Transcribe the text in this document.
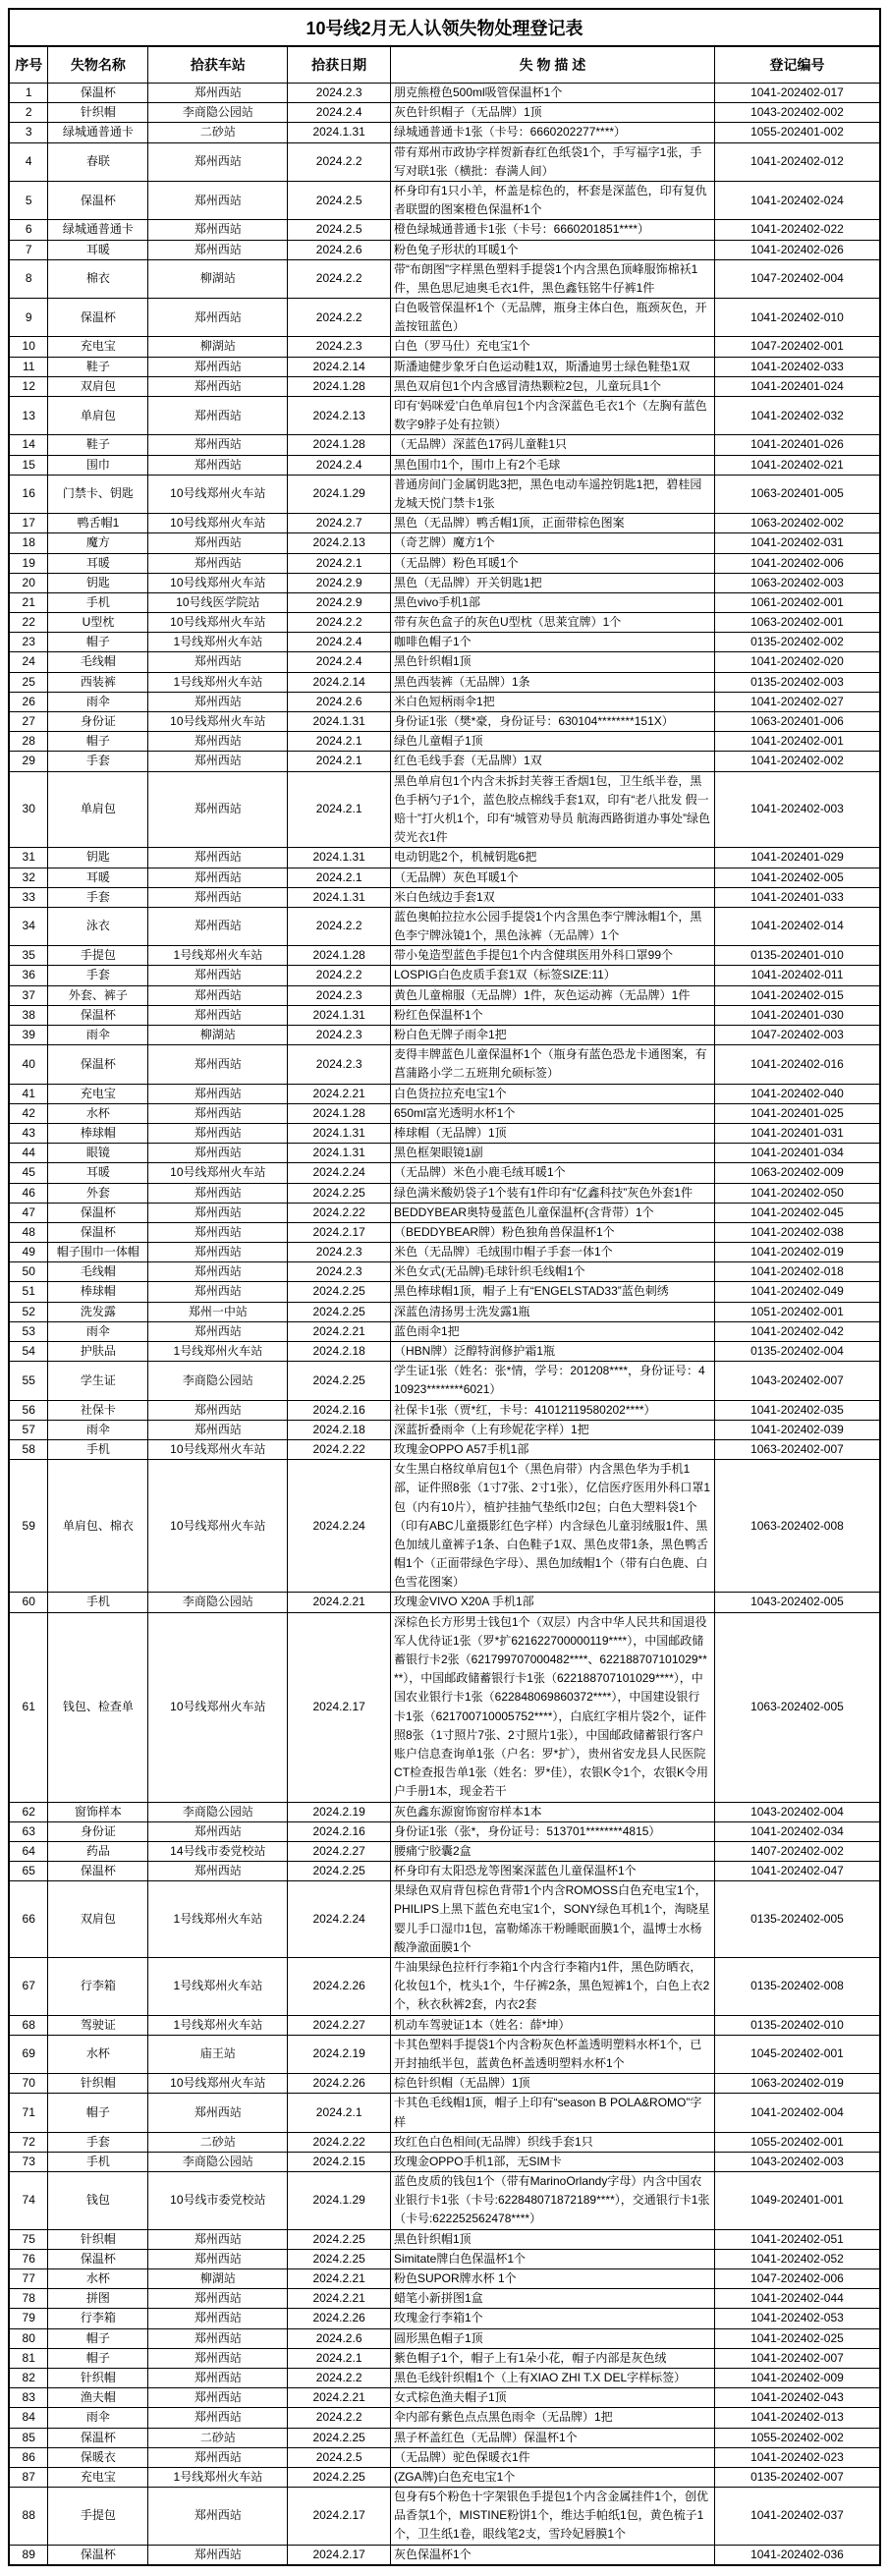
10号线2月无人认领失物处理登记表					
序号	失物名称	拾获车站	拾获日期	失 物 描 述	登记编号
1	保温杯	郑州西站	2024.2.3	朋克熊橙色500ml吸管保温杯1个	1041-202402-017
2	针织帽	李商隐公园站	2024.2.4	灰色针织帽子（无品牌）1顶	1043-202402-002
3	绿城通普通卡	二砂站	2024.1.31	绿城通普通卡1张（卡号：6660202277****）	1055-202401-002
4	春联	郑州西站	2024.2.2	带有郑州市政协字样贺新春红色纸袋1个，手写福字1张，手写对联1张（横批：春满人间）	1041-202402-012
5	保温杯	郑州西站	2024.2.5	杯身印有1只小羊，杯盖是棕色的，杯套是深蓝色，印有复仇者联盟的图案橙色保温杯1个	1041-202402-024
6	绿城通普通卡	郑州西站	2024.2.5	橙色绿城通普通卡1张（卡号：6660201851****）	1041-202402-022
7	耳暖	郑州西站	2024.2.6	粉色兔子形状的耳暖1个	1041-202402-026
8	棉衣	柳湖站	2024.2.2	带“布朗图”字样黑色塑料手提袋1个内含黑色顶峰服饰棉袄1件，黑色思尼迪奥毛衣1件，黑色鑫钰铭牛仔裤1件	1047-202402-004
9	保温杯	郑州西站	2024.2.2	白色吸管保温杯1个（无品牌，瓶身主体白色，瓶颈灰色，开盖按钮蓝色）	1041-202402-010
10	充电宝	柳湖站	2024.2.3	白色（罗马仕）充电宝1个	1047-202402-001
11	鞋子	郑州西站	2024.2.14	斯潘迪健步象牙白色运动鞋1双，斯潘迪男士绿色鞋垫1双	1041-202402-033
12	双肩包	郑州西站	2024.1.28	黑色双肩包1个内含感冒清热颗粒2包，儿童玩具1个	1041-202401-024
13	单肩包	郑州西站	2024.2.13	印有‘妈咪爱’白色单肩包1个内含深蓝色毛衣1个（左胸有蓝色数字9脖子处有拉锁）	1041-202402-032
14	鞋子	郑州西站	2024.1.28	（无品牌）深蓝色17码儿童鞋1只	1041-202401-026
15	围巾	郑州西站	2024.2.4	黑色围巾1个，围巾上有2个毛球	1041-202402-021
16	门禁卡、钥匙	10号线郑州火车站	2024.1.29	普通房间门金属钥匙3把，黑色电动车遥控钥匙1把，碧桂园龙城天悦门禁卡1张	1063-202401-005
17	鸭舌帽1	10号线郑州火车站	2024.2.7	黑色（无品牌）鸭舌帽1顶，正面带棕色图案	1063-202402-002
18	魔方	郑州西站	2024.2.13	（奇艺牌）魔方1个	1041-202402-031
19	耳暖	郑州西站	2024.2.1	（无品牌）粉色耳暖1个	1041-202402-006
20	钥匙	10号线郑州火车站	2024.2.9	黑色（无品牌）开关钥匙1把	1063-202402-003
21	手机	10号线医学院站	2024.2.9	黑色vivo手机1部	1061-202402-001
22	U型枕	10号线郑州火车站	2024.2.2	带有灰色盒子的灰色U型枕（思莱宜牌）1个	1063-202402-001
23	帽子	1号线郑州火车站	2024.2.4	咖啡色帽子1个	0135-202402-002
24	毛线帽	郑州西站	2024.2.4	黑色针织帽1顶	1041-202402-020
25	西装裤	1号线郑州火车站	2024.2.14	黑色西装裤（无品牌）1条	0135-202402-003
26	雨伞	郑州西站	2024.2.6	米白色短柄雨伞1把	1041-202402-027
27	身份证	10号线郑州火车站	2024.1.31	身份证1张（樊*豪，身份证号：630104********151X）	1063-202401-006
28	帽子	郑州西站	2024.2.1	绿色儿童帽子1顶	1041-202402-001
29	手套	郑州西站	2024.2.1	红色毛线手套（无品牌）1双	1041-202402-002
30	单肩包	郑州西站	2024.2.1	黑色单肩包1个内含未拆封芙蓉王香烟1包，卫生纸半卷，黑色手柄勺子1个，蓝色胶点棉线手套1双，印有“老八批发 假一赔十”打火机1个，印有“城管劝导员 航海西路街道办事处”绿色荧光衣1件	1041-202402-003
31	钥匙	郑州西站	2024.1.31	电动钥匙2个，机械钥匙6把	1041-202401-029
32	耳暖	郑州西站	2024.2.1	（无品牌）灰色耳暖1个	1041-202402-005
33	手套	郑州西站	2024.1.31	米白色绒边手套1双	1041-202401-033
34	泳衣	郑州西站	2024.2.2	蓝色奥帕拉拉水公园手提袋1个内含黑色李宁牌泳帽1个，黑色李宁牌泳镜1个，黑色泳裤（无品牌）1个	1041-202402-014
35	手提包	1号线郑州火车站	2024.1.28	带小兔造型蓝色手提包1个内含健琪医用外科口罩99个	0135-202401-010
36	手套	郑州西站	2024.2.2	LOSPIG白色皮质手套1双（标签SIZE:11）	1041-202402-011
37	外套、裤子	郑州西站	2024.2.3	黄色儿童棉服（无品牌）1件，灰色运动裤（无品牌）1件	1041-202402-015
38	保温杯	郑州西站	2024.1.31	粉红色保温杯1个	1041-202401-030
39	雨伞	柳湖站	2024.2.3	粉白色无牌子雨伞1把	1047-202402-003
40	保温杯	郑州西站	2024.2.3	麦得丰牌蓝色儿童保温杯1个（瓶身有蓝色恐龙卡通图案，有菖蒲路小学二五班荆允硕标签）	1041-202402-016
41	充电宝	郑州西站	2024.2.21	白色货拉拉充电宝1个	1041-202402-040
42	水杯	郑州西站	2024.1.28	650ml富光透明水杯1个	1041-202401-025
43	棒球帽	郑州西站	2024.1.31	棒球帽（无品牌）1顶	1041-202401-031
44	眼镜	郑州西站	2024.1.31	黑色框架眼镜1副	1041-202401-034
45	耳暖	10号线郑州火车站	2024.2.24	（无品牌）米色小鹿毛绒耳暖1个	1063-202402-009
46	外套	郑州西站	2024.2.25	绿色满米酸奶袋子1个装有1件印有“亿鑫科技”灰色外套1件	1041-202402-050
47	保温杯	郑州西站	2024.2.22	BEDDYBEAR奥特曼蓝色儿童保温杯(含背带）1个	1041-202402-045
48	保温杯	郑州西站	2024.2.17	（BEDDYBEAR牌）粉色独角兽保温杯1个	1041-202402-038
49	帽子围巾一体帽	郑州西站	2024.2.3	米色（无品牌）毛绒围巾帽子手套一体1个	1041-202402-019
50	毛线帽	郑州西站	2024.2.3	米色女式(无品牌)毛球针织毛线帽1个	1041-202402-018
51	棒球帽	郑州西站	2024.2.25	黑色棒球帽1顶，帽子上有“ENGELSTAD33”蓝色刺绣	1041-202402-049
52	洗发露	郑州一中站	2024.2.25	深蓝色清扬男士洗发露1瓶	1051-202402-001
53	雨伞	郑州西站	2024.2.21	蓝色雨伞1把	1041-202402-042
54	护肤品	1号线郑州火车站	2024.2.18	（HBN牌）泛醇特润修护霜1瓶	0135-202402-004
55	学生证	李商隐公园站	2024.2.25	学生证1张（姓名：张*情，学号：201208****，身份证号：410923********6021）	1043-202402-007
56	社保卡	郑州西站	2024.2.16	社保卡1张（贾*红，卡号：41012119580202****）	1041-202402-035
57	雨伞	郑州西站	2024.2.18	深蓝折叠雨伞（上有珍妮花字样）1把	1041-202402-039
58	手机	10号线郑州火车站	2024.2.22	玫瑰金OPPO A57手机1部	1063-202402-007
59	单肩包、棉衣	10号线郑州火车站	2024.2.24	女生黑白格纹单肩包1个（黑色肩带）内含黑色华为手机1部，证件照8张（1寸7张、2寸1张），亿信医疗医用外科口罩1包（内有10片），植护挂抽气垫纸巾2包；白色大塑料袋1个（印有ABC儿童摄影红色字样）内含绿色儿童羽绒服1件、黑色加绒儿童裤子1条、白色鞋子1双、黑色皮带1条，黑色鸭舌帽1个（正面带绿色字母）、黑色加绒帽1个（带有白色鹿、白色雪花图案）	1063-202402-008
60	手机	李商隐公园站	2024.2.21	玫瑰金VIVO X20A 手机1部	1043-202402-005
61	钱包、检查单	10号线郑州火车站	2024.2.17	深棕色长方形男士钱包1个（双层）内含中华人民共和国退役军人优待证1张（罗*扩621622700000119****），中国邮政储蓄银行卡2张（621799707000482****、622188707101029****），中国邮政储蓄银行卡1张（622188707101029****），中国农业银行卡1张（622848069860372****），中国建设银行卡1张（621700710005752****），白底红字相片袋2个，证件照8张（1寸照片7张、2寸照片1张），中国邮政储蓄银行客户账户信息查询单1张（户名：罗*扩），贵州省安龙县人民医院CT检查报告单1张（姓名：罗*佳），农银K令1个，农银K令用户手册1本，现金若干	1063-202402-005
62	窗饰样本	李商隐公园站	2024.2.19	灰色鑫东源窗饰窗帘样本1本	1043-202402-004
63	身份证	郑州西站	2024.2.16	身份证1张（张*，身份证号：513701********4815）	1041-202402-034
64	药品	14号线市委党校站	2024.2.27	腰痛宁胶囊2盒	1407-202402-002
65	保温杯	郑州西站	2024.2.25	杯身印有太阳恐龙等图案深蓝色儿童保温杯1个	1041-202402-047
66	双肩包	1号线郑州火车站	2024.2.24	果绿色双肩背包棕色背带1个内含ROMOSS白色充电宝1个，PHILIPS上黑下蓝色充电宝1个，SONY绿色耳机1个，淘晓星婴儿手口湿巾1包，富勒烯冻干粉睡眠面膜1个，温博士水杨酸净澈面膜1个	0135-202402-005
67	行李箱	1号线郑州火车站	2024.2.26	牛油果绿色拉杆行李箱1个内含行李箱内1件，黑色防晒衣，化妆包1个，枕头1个，牛仔裤2条，黑色短裤1个，白色上衣2个，秋衣秋裤2套，内衣2套	0135-202402-008
68	驾驶证	1号线郑州火车站	2024.2.27	机动车驾驶证1本（姓名：薛*坤）	0135-202402-010
69	水杯	庙王站	2024.2.19	卡其色塑料手提袋1个内含粉灰色杯盖透明塑料水杯1个，已开封抽纸半包，蓝黄色杯盖透明塑料水杯1个	1045-202402-001
70	针织帽	10号线郑州火车站	2024.2.26	棕色针织帽（无品牌）1顶	1063-202402-019
71	帽子	郑州西站	2024.2.1	卡其色毛线帽1顶，帽子上印有“season B POLA&ROMO”字样	1041-202402-004
72	手套	二砂站	2024.2.22	玫红色白色相间(无品牌）织线手套1只	1055-202402-001
73	手机	李商隐公园站	2024.2.15	玫瑰金OPPO手机1部，无SIM卡	1043-202402-003
74	钱包	10号线市委党校站	2024.1.29	蓝色皮质的钱包1个（带有MarinoOrlandy字母）内含中国农业银行卡1张（卡号:622848071872189****），交通银行卡1张（卡号:622252562478****）	1049-202401-001
75	针织帽	郑州西站	2024.2.25	黑色针织帽1顶	1041-202402-051
76	保温杯	郑州西站	2024.2.25	Simitate牌白色保温杯1个	1041-202402-052
77	水杯	柳湖站	2024.2.21	粉色SUPOR牌水杯 1个	1047-202402-006
78	拼图	郑州西站	2024.2.21	蜡笔小新拼图1盒	1041-202402-044
79	行李箱	郑州西站	2024.2.26	玫瑰金行李箱1个	1041-202402-053
80	帽子	郑州西站	2024.2.6	圆形黑色帽子1顶	1041-202402-025
81	帽子	郑州西站	2024.2.1	紫色帽子1个，帽子上有1朵小花，帽子内部是灰色绒	1041-202402-007
82	针织帽	郑州西站	2024.2.2	黑色毛线针织帽1个（上有XIAO ZHI T.X DEL字样标签）	1041-202402-009
83	渔夫帽	郑州西站	2024.2.21	女式棕色渔夫帽子1顶	1041-202402-043
84	雨伞	郑州西站	2024.2.2	伞内部有紫色点点黑色雨伞（无品牌）1把	1041-202402-013
85	保温杯	二砂站	2024.2.25	黑子杯盖红色（无品牌）保温杯1个	1055-202402-002
86	保暖衣	郑州西站	2024.2.5	（无品牌）驼色保暖衣1件	1041-202402-023
87	充电宝	1号线郑州火车站	2024.2.25	(ZGA牌)白色充电宝1个	0135-202402-007
88	手提包	郑州西站	2024.2.17	包身有5个粉色十字架银色手提包1个内含金属挂件1个，创优品香氛1个，MISTINE粉饼1个，维达手帕纸1包，黄色梳子1个，卫生纸1卷，眼线笔2支，雪玲妃唇膜1个	1041-202402-037
89	保温杯	郑州西站	2024.2.17	灰色保温杯1个	1041-202402-036
